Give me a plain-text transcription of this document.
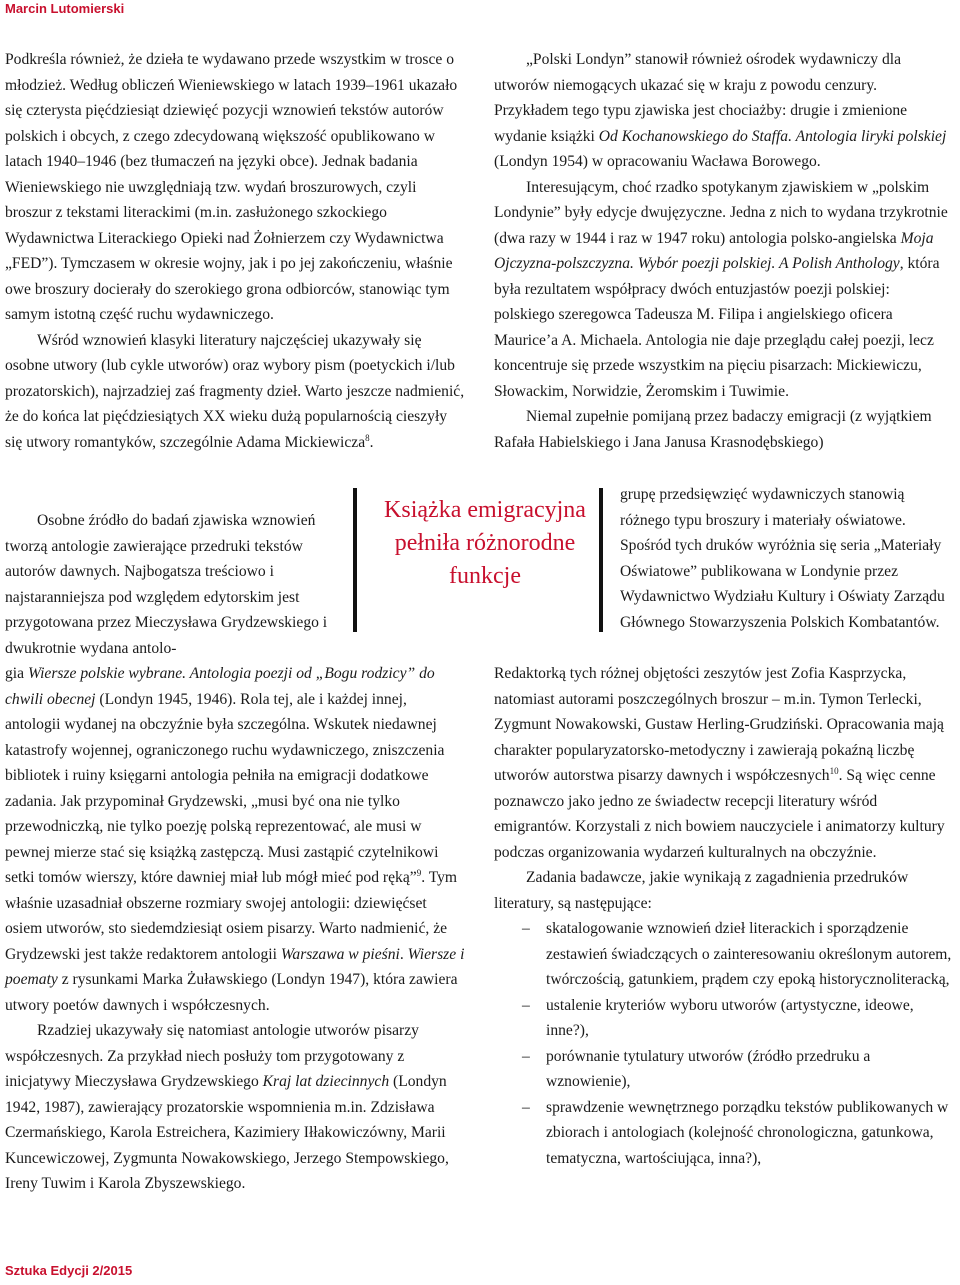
Marcin Lutomierski

Podkreśla również, że dzieła te wydawano przede wszystkim w trosce o młodzież. Według obliczeń Wieniewskiego w latach 1939–1961 ukazało się czterysta pięćdziesiąt dziewięć pozycji wznowień tekstów autorów polskich i obcych, z czego zdecydowaną większość opublikowano w latach 1940–1946 (bez tłumaczeń na języki obce). Jednak badania Wieniewskiego nie uwzględniają tzw. wydań broszurowych, czyli broszur z tekstami literackimi (m.in. zasłużonego szkockiego Wydawnictwa Literackiego Opieki nad Żołnierzem czy Wydawnictwa „FED”). Tymczasem w okresie wojny, jak i po jej zakończeniu, właśnie owe broszury docierały do szerokiego grona odbiorców, stanowiąc tym samym istotną część ruchu wydawniczego.

Wśród wznowień klasyki literatury najczęściej ukazywały się osobne utwory (lub cykle utworów) oraz wybory pism (poetyckich i/lub prozatorskich), najrzadziej zaś fragmenty dzieł. Warto jeszcze nadmienić, że do końca lat pięćdziesiątych XX wieku dużą popularnością cieszyły się utwory romantyków, szczególnie Adama Mickiewicza$^8$.

Osobne źródło do badań zjawiska wznowień tworzą antologie zawierające przedruki tekstów autorów dawnych. Najbogatsza treściowo i najstaranniejsza pod względem edytorskim jest przygotowana przez Mieczysława Grydzewskiego i dwukrotnie wydana antolo-
Książka emigracyjna pełniła różnorodne funkcje

gia Wiersze polskie wybrane. Antologia poezji od „Bogu rodzicy” do chwili obecnej (Londyn 1945, 1946). Rola tej, ale i każdej innej, antologii wydanej na obczyźnie była szczególna. Wskutek niedawnej katastrofy wojennej, ograniczonego ruchu wydawniczego, zniszczenia bibliotek i ruiny księgarni antologia pełniła na emigracji dodatkowe zadania. Jak przypominał Grydzewski, „musi być ona nie tylko przewodniczką, nie tylko poezję polską reprezentować, ale musi w pewnej mierze stać się książką zastępczą. Musi zastąpić czytelnikowi setki tomów wierszy, które dawniej miał lub mógł mieć pod ręką”$^9$. Tym właśnie uzasadniał obszerne rozmiary swojej antologii: dziewięćset osiem utworów, sto siedemdziesiąt osiem pisarzy. Warto nadmienić, że Grydzewski jest także redaktorem antologii Warszawa w pieśni. Wiersze i poematy z rysunkami Marka Żuławskiego (Londyn 1947), która zawiera utwory poetów dawnych i współczesnych.

Rzadziej ukazywały się natomiast antologie utworów pisarzy współczesnych. Za przykład niech posłuży tom przygotowany z inicjatywy Mieczysława Grydzewskiego Kraj lat dziecinnych (Londyn 1942, 1987), zawierający prozatorskie wspomnienia m.in. Zdzisława Czermańskiego, Karola Estreichera, Kazimiery Iłłakowiczówny, Marii Kuncewiczowej, Zygmunta Nowakowskiego, Jerzego Stempowskiego, Ireny Tuwim i Karola Zbyszewskiego.

„Polski Londyn” stanowił również ośrodek wydawniczy dla utworów niemogących ukazać się w kraju z powodu cenzury. Przykładem tego typu zjawiska jest chociażby: drugie i zmienione wydanie książki Od Kochanowskiego do Staffa. Antologia liryki polskiej (Londyn 1954) w opracowaniu Wacława Borowego.

Interesującym, choć rzadko spotykanym zjawiskiem w „polskim Londynie” były edycje dwujęzyczne. Jedna z nich to wydana trzykrotnie (dwa razy w 1944 i raz w 1947 roku) antologia polsko-angielska Moja Ojczyzna-polszczyzna. Wybór poezji polskiej. A Polish Anthology, która była rezultatem współpracy dwóch entuzjastów poezji polskiej: polskiego szeregowca Tadeusza M. Filipa i angielskiego oficera Maurice’a A. Michaela. Antologia nie daje przeglądu całej poezji, lecz koncentruje się przede wszystkim na pięciu pisarzach: Mickiewiczu, Słowackim, Norwidzie, Żeromskim i Tuwimie.

Niemal zupełnie pomijaną przez badaczy emigracji (z wyjątkiem Rafała Habielskiego i Jana Janusa Krasnodębskiego)

grupę przedsięwzięć wydawniczych stanowią różnego typu broszury i materiały oświatowe. Spośród tych druków wyróżnia się seria „Materiały Oświatowe” publikowana w Londynie przez Wydawnictwo Wydziału Kultury i Oświaty Zarządu Głównego Stowarzyszenia Polskich Kombatantów.

Redaktorką tych różnej objętości zeszytów jest Zofia Kasprzycka, natomiast autorami poszczególnych broszur – m.in. Tymon Terlecki, Zygmunt Nowakowski, Gustaw Herling-Grudziński. Opracowania mają charakter popularyzatorsko-metodyczny i zawierają pokaźną liczbę utworów autorstwa pisarzy dawnych i współczesnych$^{10}$. Są więc cenne poznawczo jako jedno ze świadectw recepcji literatury wśród emigrantów. Korzystali z nich bowiem nauczyciele i animatorzy kultury podczas organizowania wydarzeń kulturalnych na obczyźnie.

Zadania badawcze, jakie wynikają z zagadnienia przedruków literatury, są następujące:

– skatalogowanie wznowień dzieł literackich i sporządzenie zestawień świadczących o zainteresowaniu określonym autorem, twórczością, gatunkiem, prądem czy epoką historycznoliteracką,
– ustalenie kryteriów wyboru utworów (artystyczne, ideowe, inne?),
– porównanie tytulatury utworów (źródło przedruku a wznowienie),
– sprawdzenie wewnętrznego porządku tekstów publikowanych w zbiorach i antologiach (kolejność chronologiczna, gatunkowa, tematyczna, wartościująca, inna?),
Sztuka Edycji 2/2015
